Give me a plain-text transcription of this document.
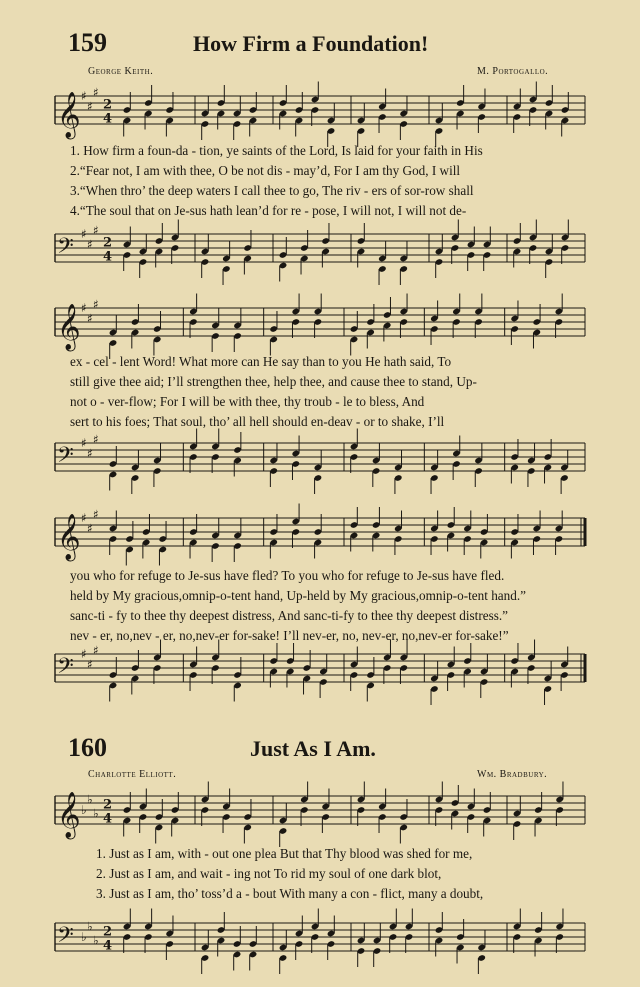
159	How Firm a Foundation!
George Keith.	M. Portogallo.
𝄞 ♯
♯
♯
2
4
1. How firm a foun-da - tion, ye saints of the Lord, Is laid for your faith in His
2.“Fear not, I am with thee, O be not dis - may’d, For I am thy God, I will
3.“When thro’ the deep waters I call thee to go, The riv - ers of sor-row shall
4.“The soul that on Je-sus hath lean’d for re - pose, I will not, I will not de-
𝄢 ♯
♯
♯
2
4
𝄞 ♯
♯
♯
ex - cel - lent Word! What more can He say than to you He hath said, To
still give thee aid; I’ll strengthen thee, help thee, and cause thee to stand, Up-
not o - ver-flow; For I will be with thee, thy troub - le to bless, And
sert to his foes; That soul, tho’ all hell should en-deav - or to shake, I’ll
𝄢 ♯
♯
♯
𝄞 ♯
♯
♯
you who for refuge to Je-sus have fled? To you who for refuge to Je-sus have fled.
held by My gracious,omnip-o-tent hand, Up-held by My gracious,omnip-o-tent hand.”
sanc-ti - fy to thee thy deepest distress, And sanc-ti-fy to thee thy deepest distress.”
nev - er, no,nev - er, no,nev-er for-sake! I’ll nev-er, no, nev-er, no,nev-er for-sake!”
𝄢 ♯
♯
♯
160	Just As I Am.
Charlotte Elliott.	Wm. Bradbury.
𝄞 ♭
♭
♭
2
4
1. Just as I am, with - out one plea But that Thy blood was shed for me,
2. Just as I am, and wait - ing not To rid my soul of one dark blot,
3. Just as I am, tho’ toss’d a - bout With many a con - flict, many a doubt,
𝄢 ♭
♭
♭
2
4
